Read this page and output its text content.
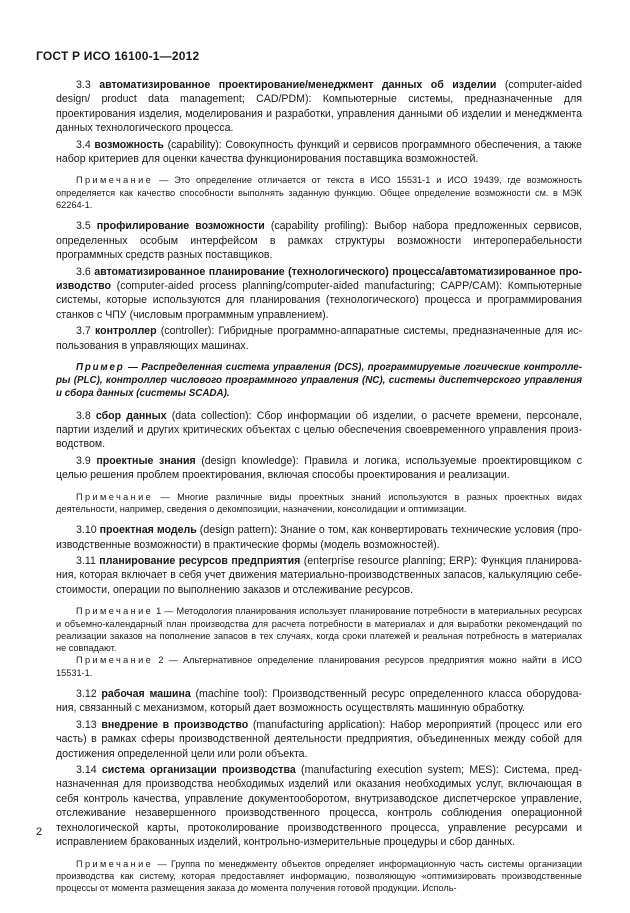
ГОСТ Р ИСО 16100-1—2012

3.3 автоматизированное проектирование/менеджмент данных об изделии (computer-aided design/ product data management; CAD/PDM): Компьютерные системы, предназначенные для проектирования изделия, моделирования и разработки, управления данными об изделии и менеджмента данных технологического процесса.

3.4 возможность (capability): Совокупность функций и сервисов программного обеспечения, а также набор критериев для оценки качества функционирования поставщика возможностей.

Примечание — Это определение отличается от текста в ИСО 15531-1 и ИСО 19439, где возможность определяется как качество способности выполнять заданную функцию. Общее определение возможности см. в МЭК 62264-1.

3.5 профилирование возможности (capability profiling): Выбор набора предложенных сервисов, определенных особым интерфейсом в рамках структуры возможности интероперабельности программных средств разных поставщиков.

3.6 автоматизированное планирование (технологического) процесса/автоматизированное производство (computer-aided process planning/computer-aided manufacturing; CAPP/CAM): Компьютерные системы, которые используются для планирования (технологического) процесса и программирования станков с ЧПУ (числовым программным управлением).

3.7 контроллер (controller): Гибридные программно-аппаратные системы, предназначенные для использования в управляющих машинах.

Пример — Распределенная система управления (DCS), программируемые логические контроллеры (PLC), контроллер числового программного управления (NC), системы диспетчерского управления и сбора данных (системы SCADA).

3.8 сбор данных (data collection): Сбор информации об изделии, о расчете времени, персонале, партии изделий и других критических объектах с целью обеспечения своевременного управления производством.

3.9 проектные знания (design knowledge): Правила и логика, используемые проектировщиком с целью решения проблем проектирования, включая способы проектирования и реализации.

Примечание — Многие различные виды проектных знаний используются в разных проектных видах деятельности, например, сведения о декомпозиции, назначении, консолидации и оптимизации.

3.10 проектная модель (design pattern): Знание о том, как конвертировать технические условия (производственные возможности) в практические формы (модель возможностей).

3.11 планирование ресурсов предприятия (enterprise resource planning; ERP): Функция планирования, которая включает в себя учет движения материально-производственных запасов, калькуляцию себестоимости, операции по выполнению заказов и отслеживание ресурсов.

Примечание 1 — Методология планирования использует планирование потребности в материальных ресурсах и объемно-календарный план производства для расчета потребности в материалах и для выработки рекомендаций по реализации заказов на пополнение запасов в тех случаях, когда сроки платежей и реальная потребность в материалах не совпадают.

Примечание 2 — Альтернативное определение планирования ресурсов предприятия можно найти в ИСО 15531-1.

3.12 рабочая машина (machine tool): Производственный ресурс определенного класса оборудования, связанный с механизмом, который дает возможность осуществлять машинную обработку.

3.13 внедрение в производство (manufacturing application): Набор мероприятий (процесс или его часть) в рамках сферы производственной деятельности предприятия, объединенных между собой для достижения определенной цели или роли объекта.

3.14 система организации производства (manufacturing execution system; MES): Система, предназначенная для производства необходимых изделий или оказания необходимых услуг, включающая в себя контроль качества, управление документооборотом, внутризаводское диспетчерское управление, отслеживание незавершенного производственного процесса, контроль соблюдения операционной технологической карты, протоколирование производственного процесса, управление ресурсами и исправлением бракованных изделий, контрольно-измерительные процедуры и сбор данных.

Примечание — Группа по менеджменту объектов определяет информационную часть системы организации производства как систему, которая предоставляет информацию, позволяющую «оптимизировать производственные процессы от момента размещения заказа до момента получения готовой продукции. Исполь-

2
